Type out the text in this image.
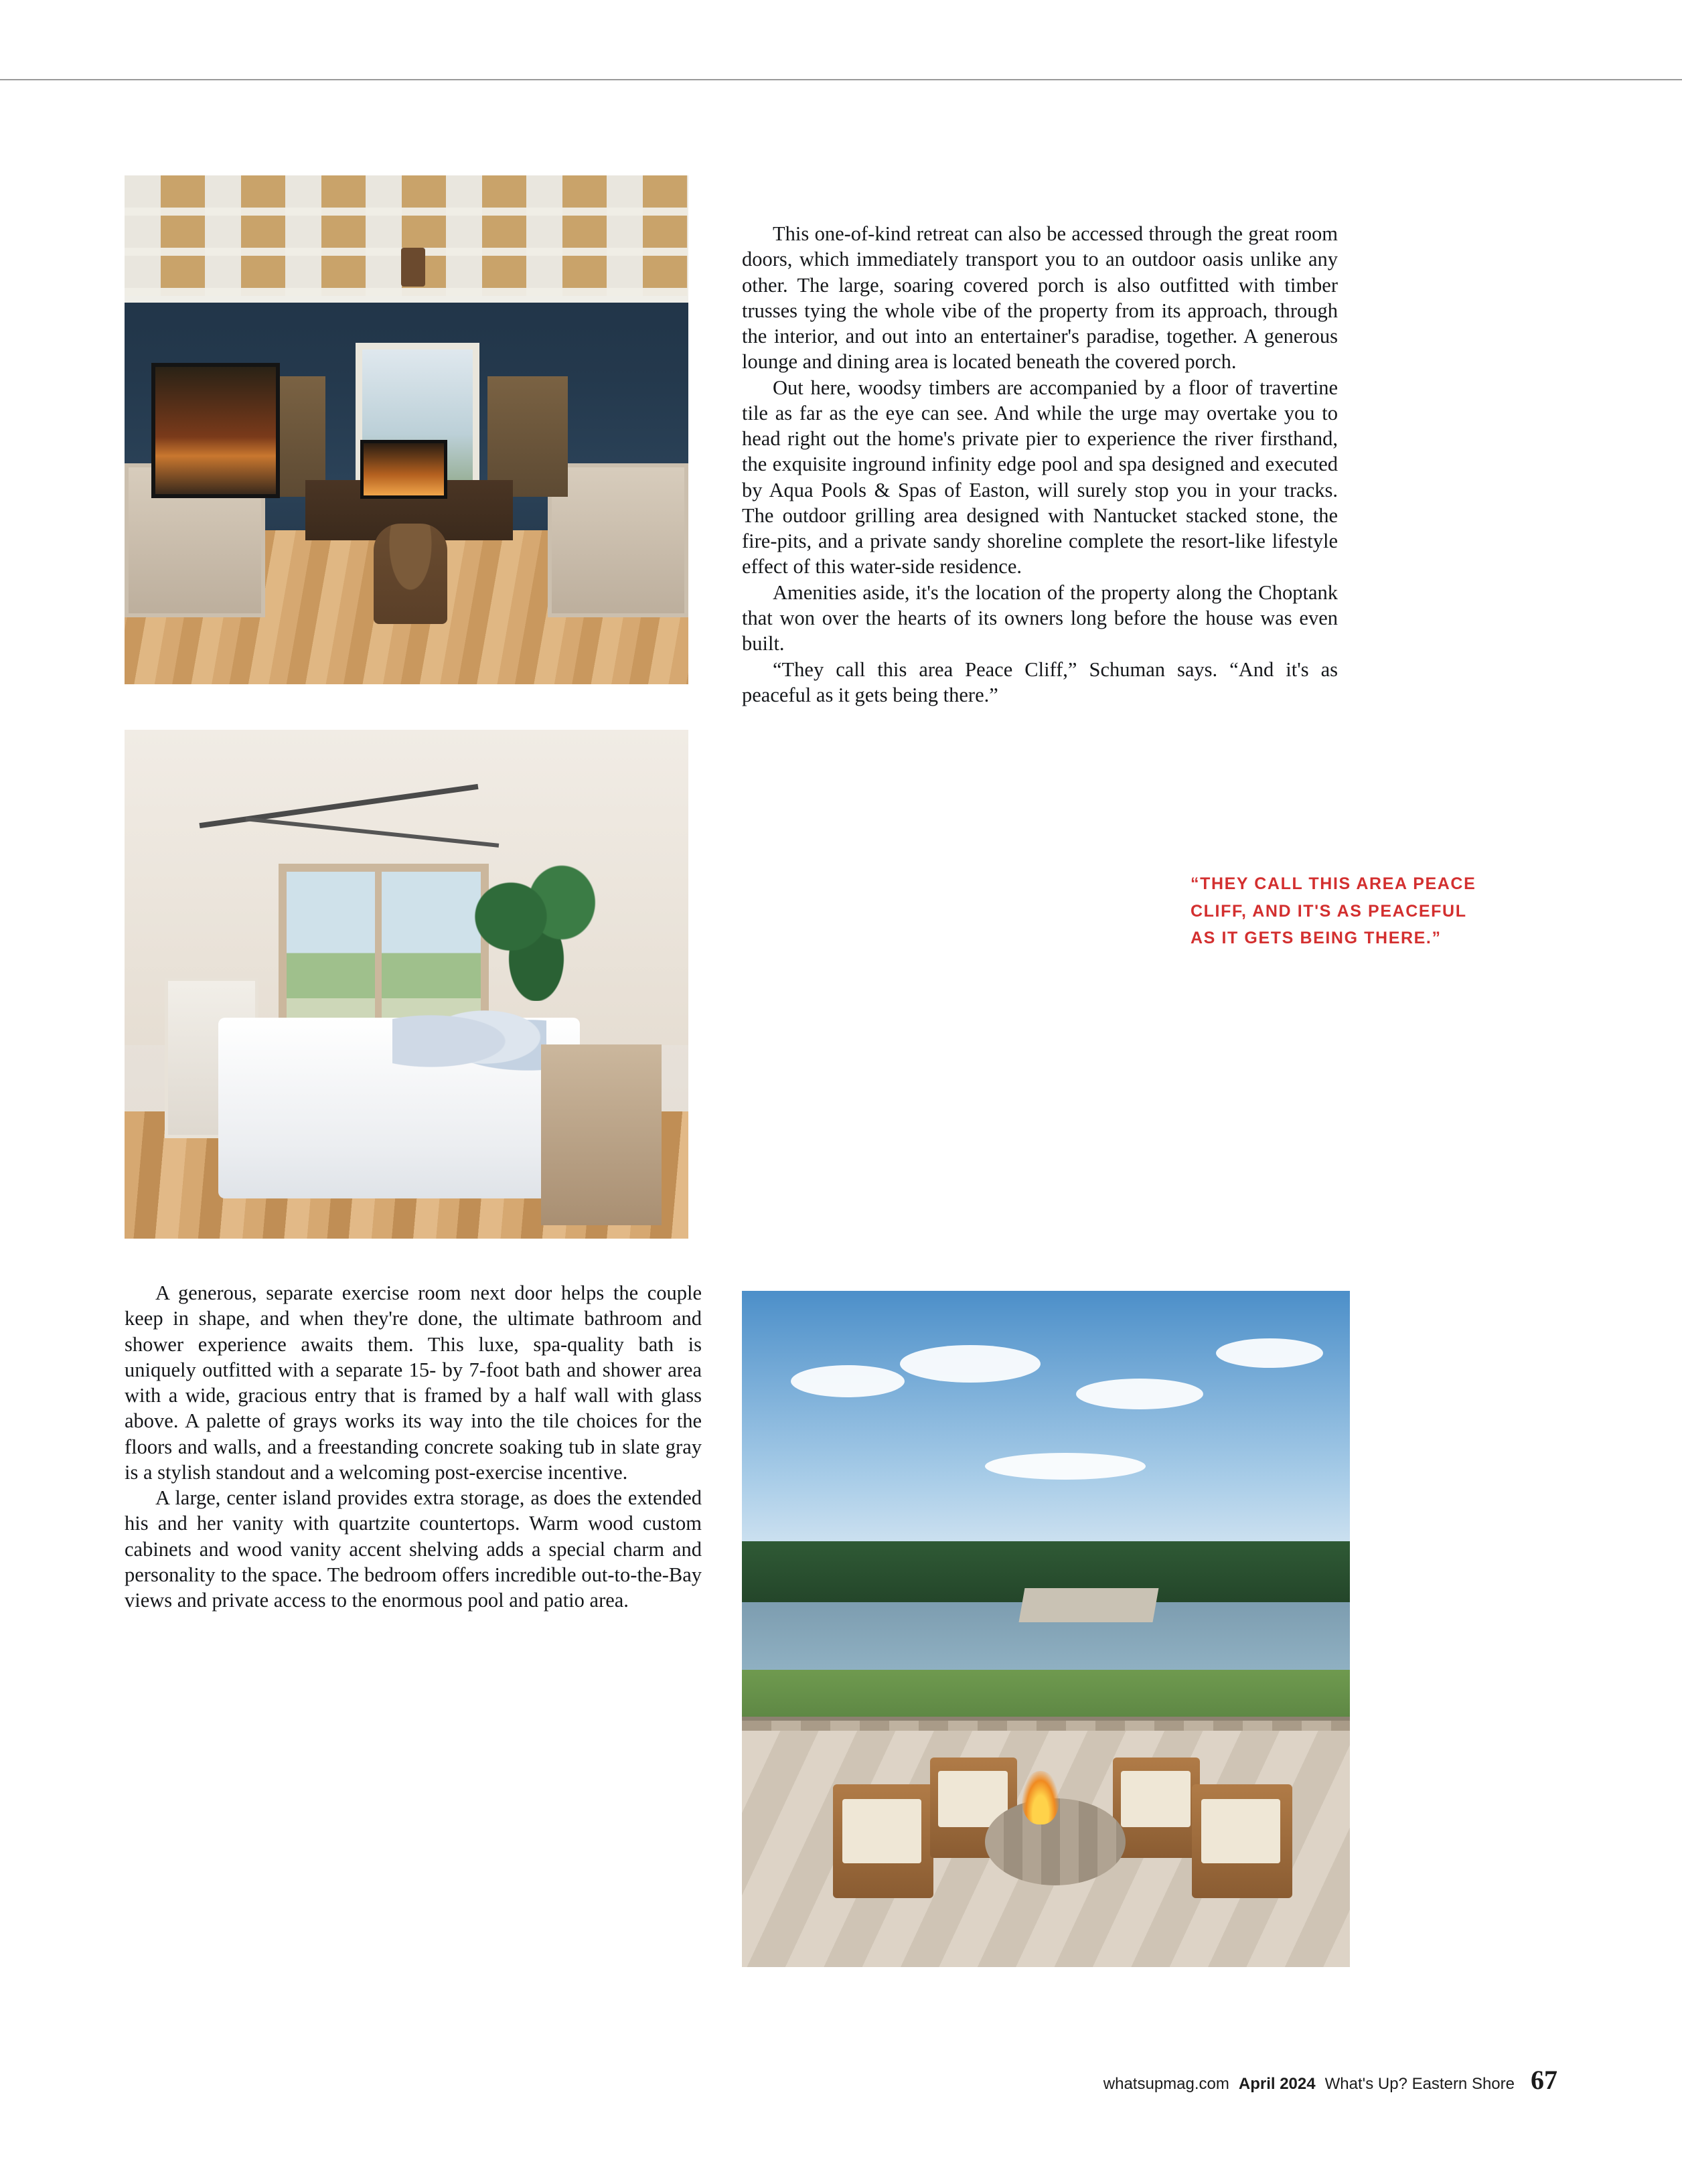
This one-of-kind retreat can also be accessed through the great room doors, which immediately transport you to an outdoor oasis unlike any other. The large, soaring covered porch is also outfitted with timber trusses tying the whole vibe of the property from its approach, through the interior, and out into an entertainer's paradise, together. A generous lounge and dining area is located beneath the covered porch.

Out here, woodsy timbers are accompanied by a floor of travertine tile as far as the eye can see. And while the urge may overtake you to head right out the home's private pier to experience the river firsthand, the exquisite inground infinity edge pool and spa designed and executed by Aqua Pools & Spas of Easton, will surely stop you in your tracks. The outdoor grilling area designed with Nantucket stacked stone, the fire-pits, and a private sandy shoreline complete the resort-like lifestyle effect of this water-side residence.

Amenities aside, it's the location of the property along the Choptank that won over the hearts of its owners long before the house was even built.

“They call this area Peace Cliff,” Schuman says. “And it's as peaceful as it gets being there.”

“THEY CALL THIS AREA PEACE CLIFF, AND IT'S AS PEACEFUL AS IT GETS BEING THERE.”

A generous, separate exercise room next door helps the couple keep in shape, and when they're done, the ultimate bathroom and shower experience awaits them. This luxe, spa-quality bath is uniquely outfitted with a separate 15- by 7-foot bath and shower area with a wide, gracious entry that is framed by a half wall with glass above. A palette of grays works its way into the tile choices for the floors and walls, and a freestanding concrete soaking tub in slate gray is a stylish standout and a welcoming post-exercise incentive.

A large, center island provides extra storage, as does the extended his and her vanity with quartzite countertops. Warm wood custom cabinets and wood vanity accent shelving adds a special charm and personality to the space. The bedroom offers incredible out-to-the-Bay views and private access to the enormous pool and patio area.

whatsupmag.com April 2024 What's Up? Eastern Shore 67
